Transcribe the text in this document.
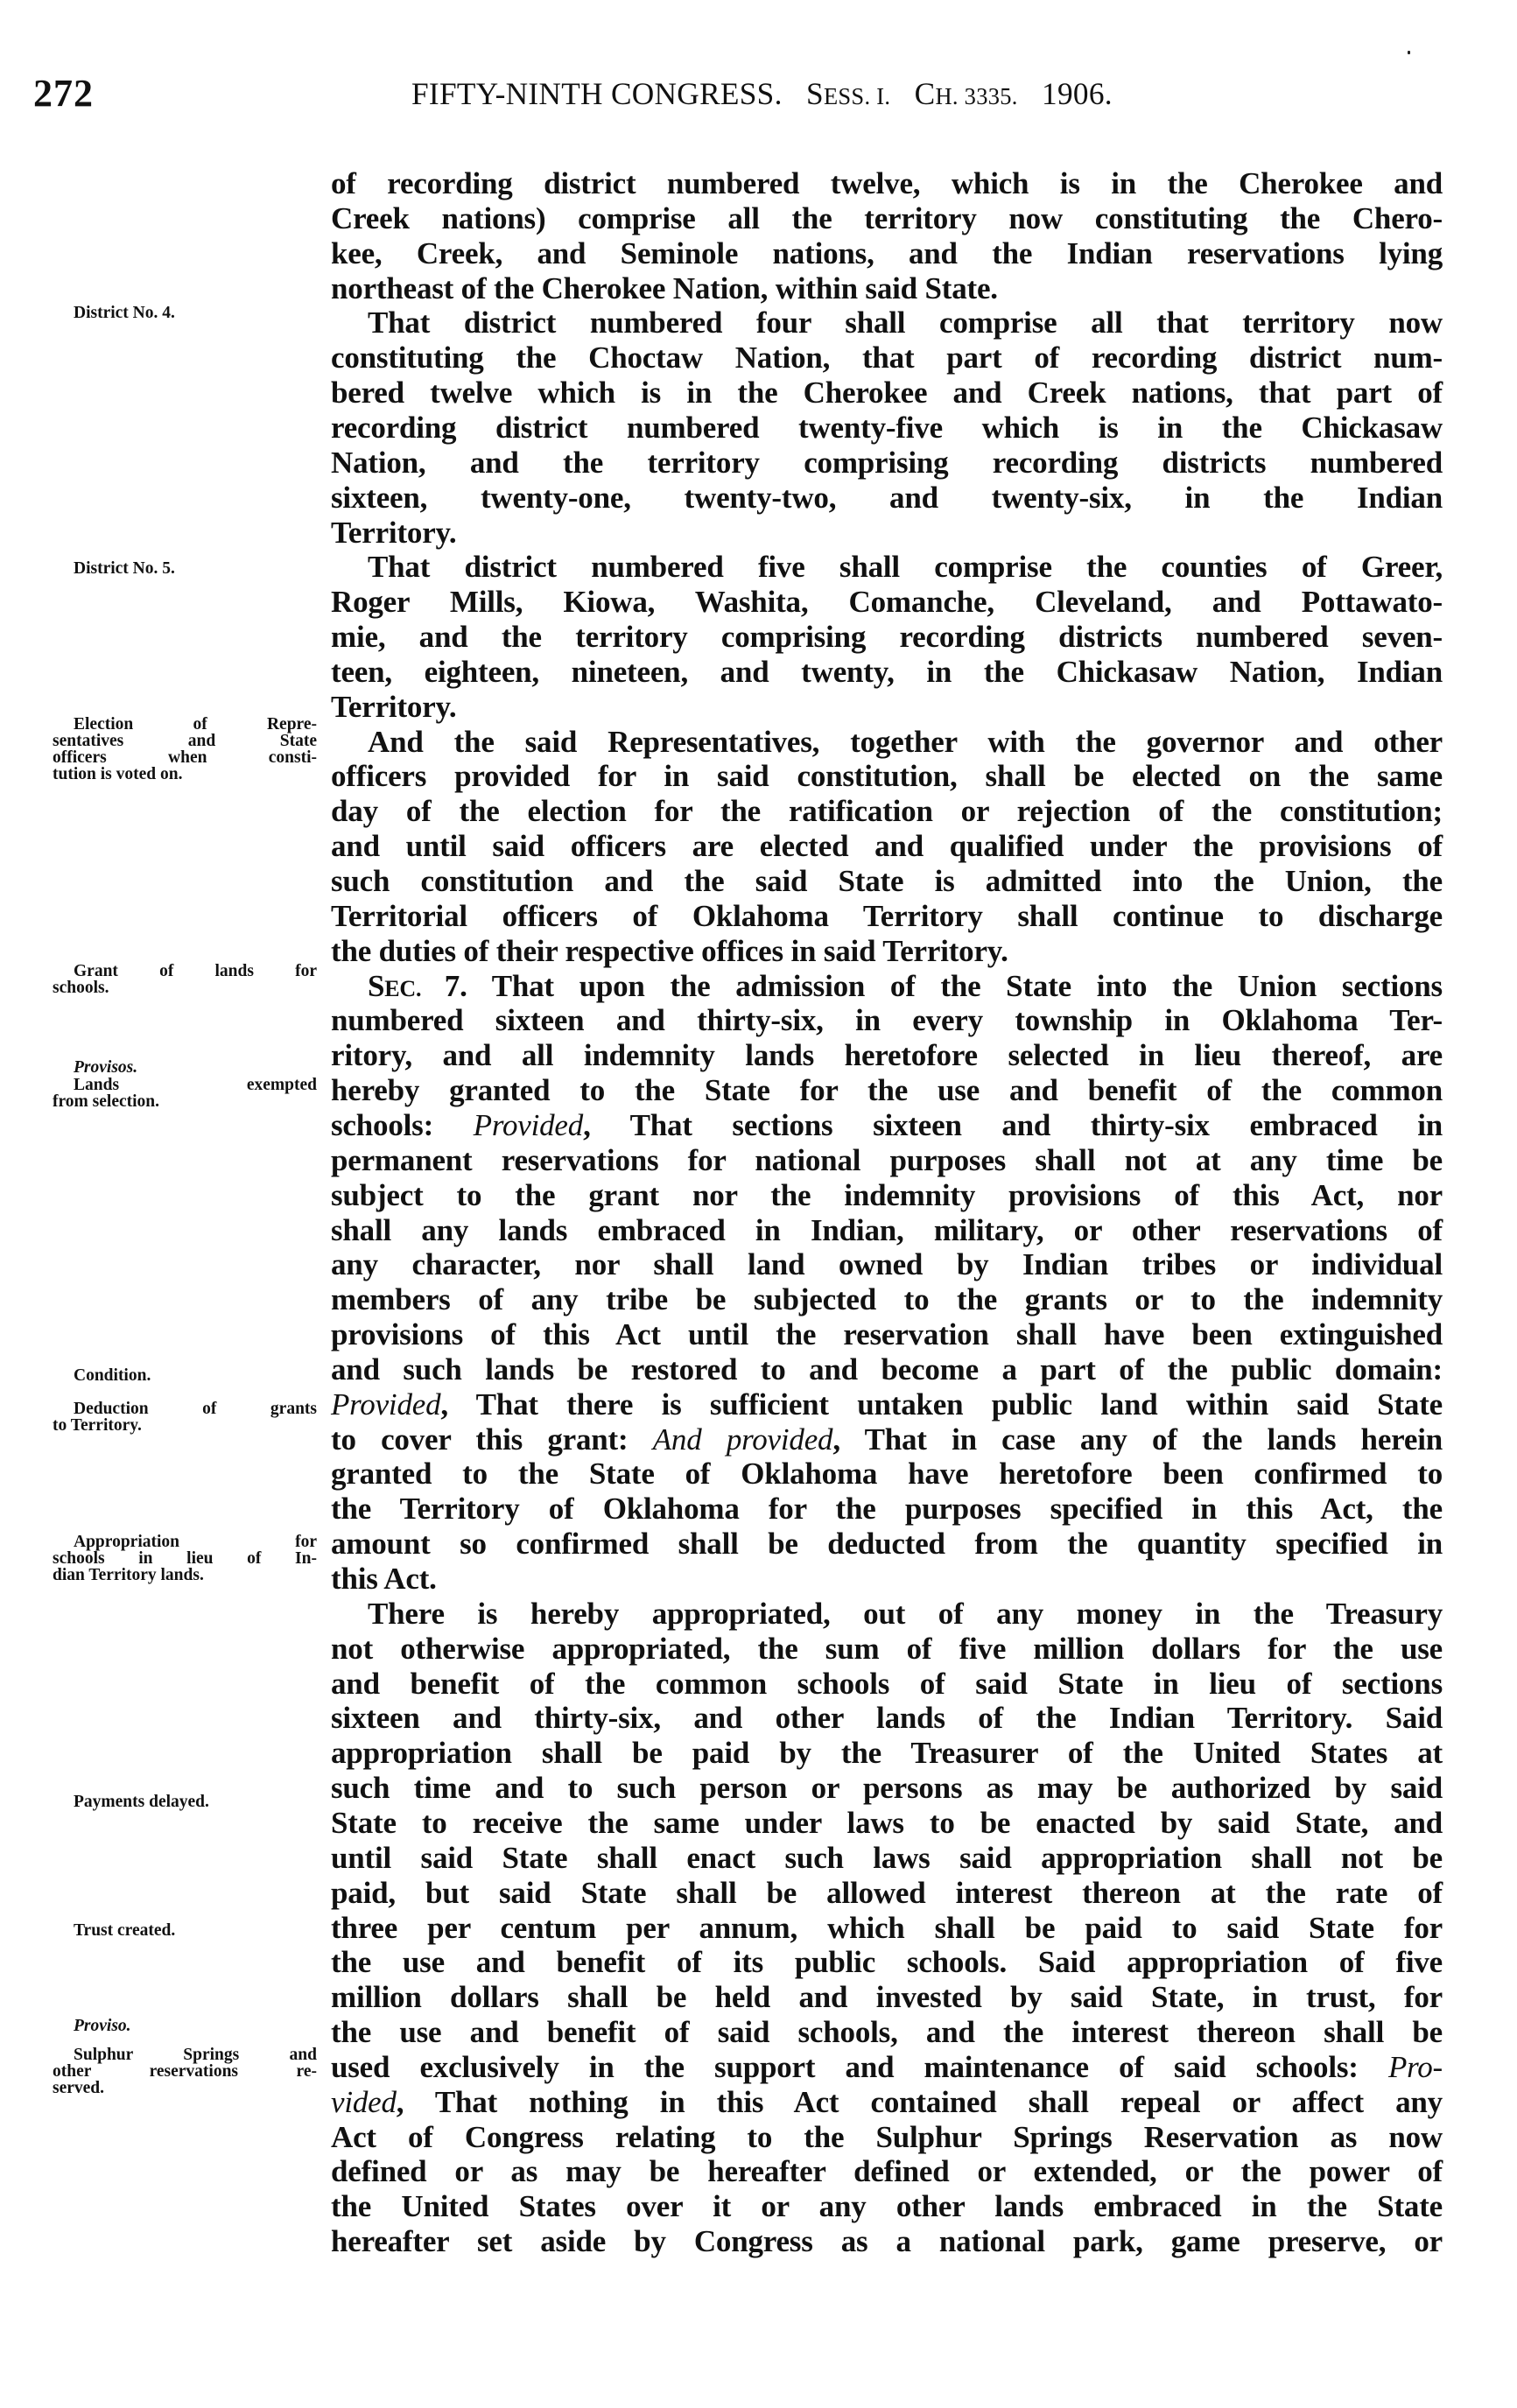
272	FIFTY-NINTH CONGRESS. SESS. I. CH. 3335. 1906.
District No. 4.
District No. 5.
Election of Repre-
sentatives and State
officers when consti-
tution is voted on.
Grant of lands for
schools.
Provisos.
Lands exempted
from selection.
Condition.
Deduction of grants
to Territory.
Appropriation for
schools in lieu of In-
dian Territory lands.
Payments delayed.
Trust created.
Proviso.
Sulphur Springs and
other reservations re-
served.
of recording district numbered twelve, which is in the Cherokee and
Creek nations) comprise all the territory now constituting the Chero-
kee, Creek, and Seminole nations, and the Indian reservations lying
northeast of the Cherokee Nation, within said State.
That district numbered four shall comprise all that territory now
constituting the Choctaw Nation, that part of recording district num-
bered twelve which is in the Cherokee and Creek nations, that part of
recording district numbered twenty-five which is in the Chickasaw
Nation, and the territory comprising recording districts numbered
sixteen, twenty-one, twenty-two, and twenty-six, in the Indian
Territory.
That district numbered five shall comprise the counties of Greer,
Roger Mills, Kiowa, Washita, Comanche, Cleveland, and Pottawato-
mie, and the territory comprising recording districts numbered seven-
teen, eighteen, nineteen, and twenty, in the Chickasaw Nation, Indian
Territory.
And the said Representatives, together with the governor and other
officers provided for in said constitution, shall be elected on the same
day of the election for the ratification or rejection of the constitution;
and until said officers are elected and qualified under the provisions of
such constitution and the said State is admitted into the Union, the
Territorial officers of Oklahoma Territory shall continue to discharge
the duties of their respective offices in said Territory.
SEC. 7. That upon the admission of the State into the Union sections
numbered sixteen and thirty-six, in every township in Oklahoma Ter-
ritory, and all indemnity lands heretofore selected in lieu thereof, are
hereby granted to the State for the use and benefit of the common
schools: Provided, That sections sixteen and thirty-six embraced in
permanent reservations for national purposes shall not at any time be
subject to the grant nor the indemnity provisions of this Act, nor
shall any lands embraced in Indian, military, or other reservations of
any character, nor shall land owned by Indian tribes or individual
members of any tribe be subjected to the grants or to the indemnity
provisions of this Act until the reservation shall have been extinguished
and such lands be restored to and become a part of the public domain:
Provided, That there is sufficient untaken public land within said State
to cover this grant: And provided, That in case any of the lands herein
granted to the State of Oklahoma have heretofore been confirmed to
the Territory of Oklahoma for the purposes specified in this Act, the
amount so confirmed shall be deducted from the quantity specified in
this Act.
There is hereby appropriated, out of any money in the Treasury
not otherwise appropriated, the sum of five million dollars for the use
and benefit of the common schools of said State in lieu of sections
sixteen and thirty-six, and other lands of the Indian Territory. Said
appropriation shall be paid by the Treasurer of the United States at
such time and to such person or persons as may be authorized by said
State to receive the same under laws to be enacted by said State, and
until said State shall enact such laws said appropriation shall not be
paid, but said State shall be allowed interest thereon at the rate of
three per centum per annum, which shall be paid to said State for
the use and benefit of its public schools. Said appropriation of five
million dollars shall be held and invested by said State, in trust, for
the use and benefit of said schools, and the interest thereon shall be
used exclusively in the support and maintenance of said schools: Pro-
vided, That nothing in this Act contained shall repeal or affect any
Act of Congress relating to the Sulphur Springs Reservation as now
defined or as may be hereafter defined or extended, or the power of
the United States over it or any other lands embraced in the State
hereafter set aside by Congress as a national park, game preserve, or
